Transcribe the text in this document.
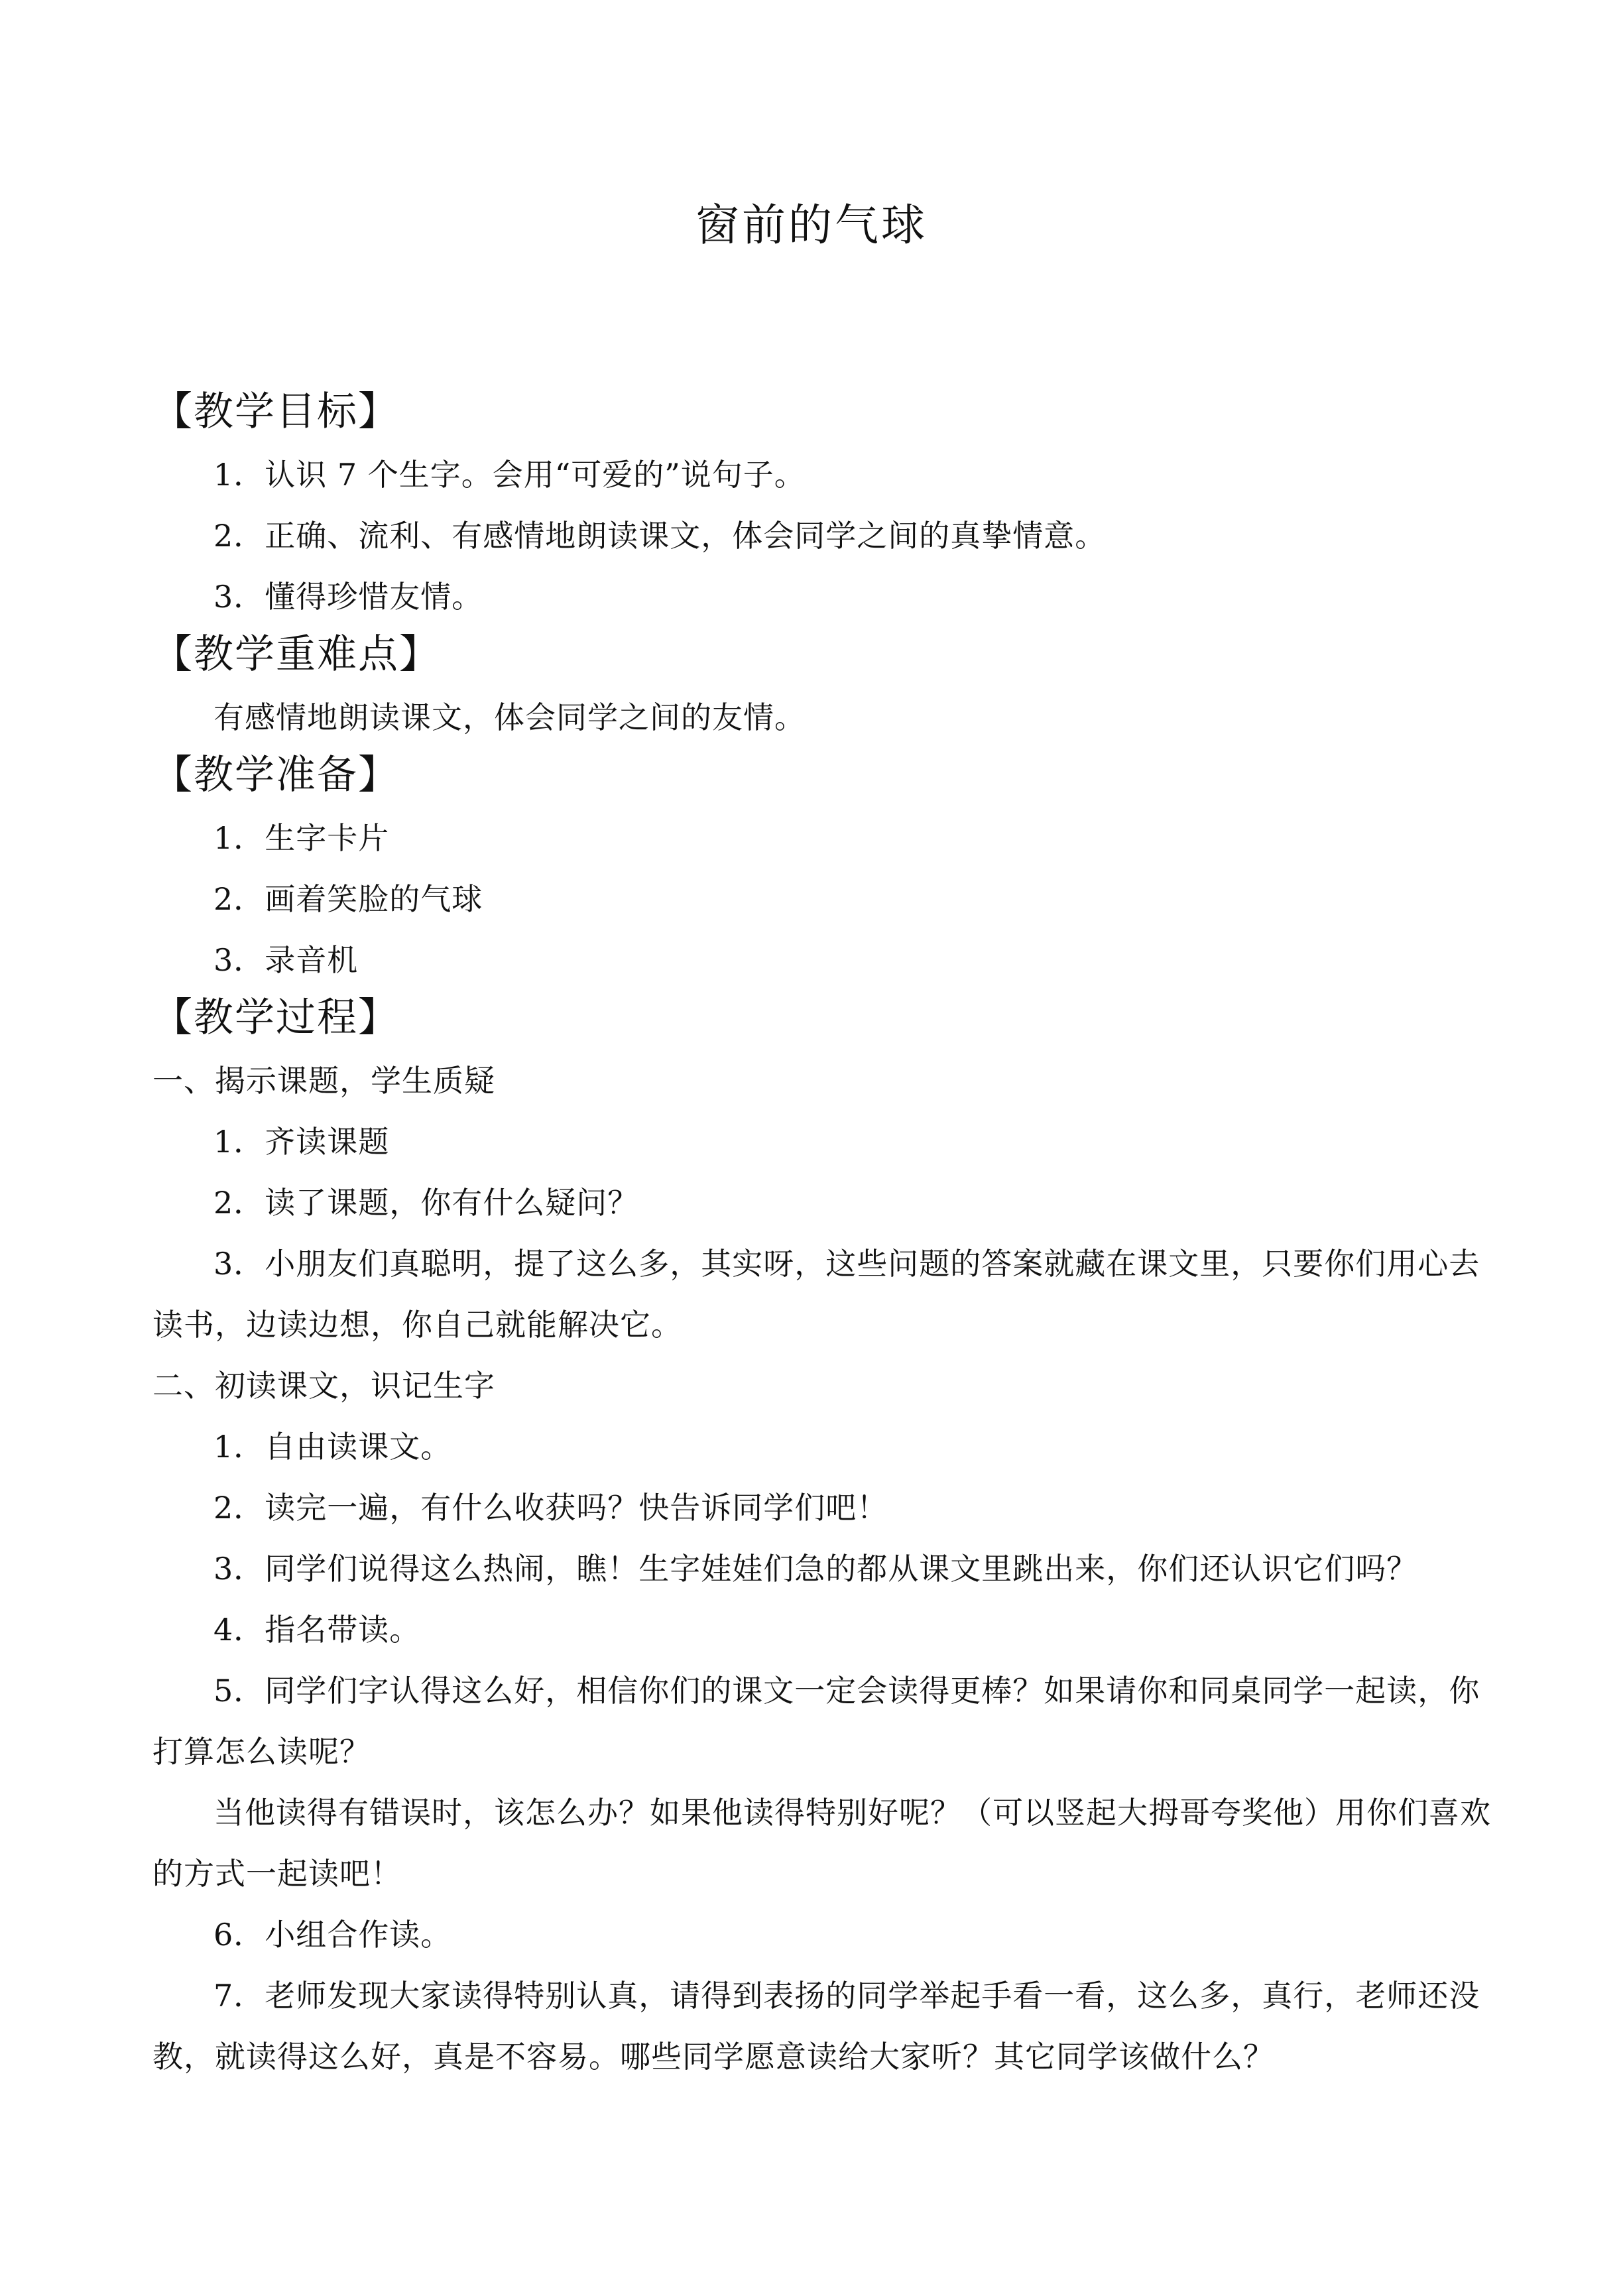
窗前的气球
【教学目标】

1．认识 7 个生字。会用“可爱的”说句子。

2．正确、流利、有感情地朗读课文，体会同学之间的真挚情意。

3．懂得珍惜友情。

【教学重难点】

有感情地朗读课文，体会同学之间的友情。

【教学准备】

1．生字卡片

2．画着笑脸的气球

3．录音机

【教学过程】

一、揭示课题，学生质疑

1．齐读课题

2．读了课题，你有什么疑问？

3．小朋友们真聪明，提了这么多，其实呀，这些问题的答案就藏在课文里，只要你们用心去读书，边读边想，你自己就能解决它。

二、初读课文，识记生字

1．自由读课文。

2．读完一遍，有什么收获吗？快告诉同学们吧！

3．同学们说得这么热闹，瞧！生字娃娃们急的都从课文里跳出来，你们还认识它们吗？

4．指名带读。

5．同学们字认得这么好，相信你们的课文一定会读得更棒？如果请你和同桌同学一起读，你打算怎么读呢？

当他读得有错误时，该怎么办？如果他读得特别好呢？（可以竖起大拇哥夸奖他）用你们喜欢的方式一起读吧！

6．小组合作读。

7．老师发现大家读得特别认真，请得到表扬的同学举起手看一看，这么多，真行，老师还没教，就读得这么好，真是不容易。哪些同学愿意读给大家听？其它同学该做什么？
